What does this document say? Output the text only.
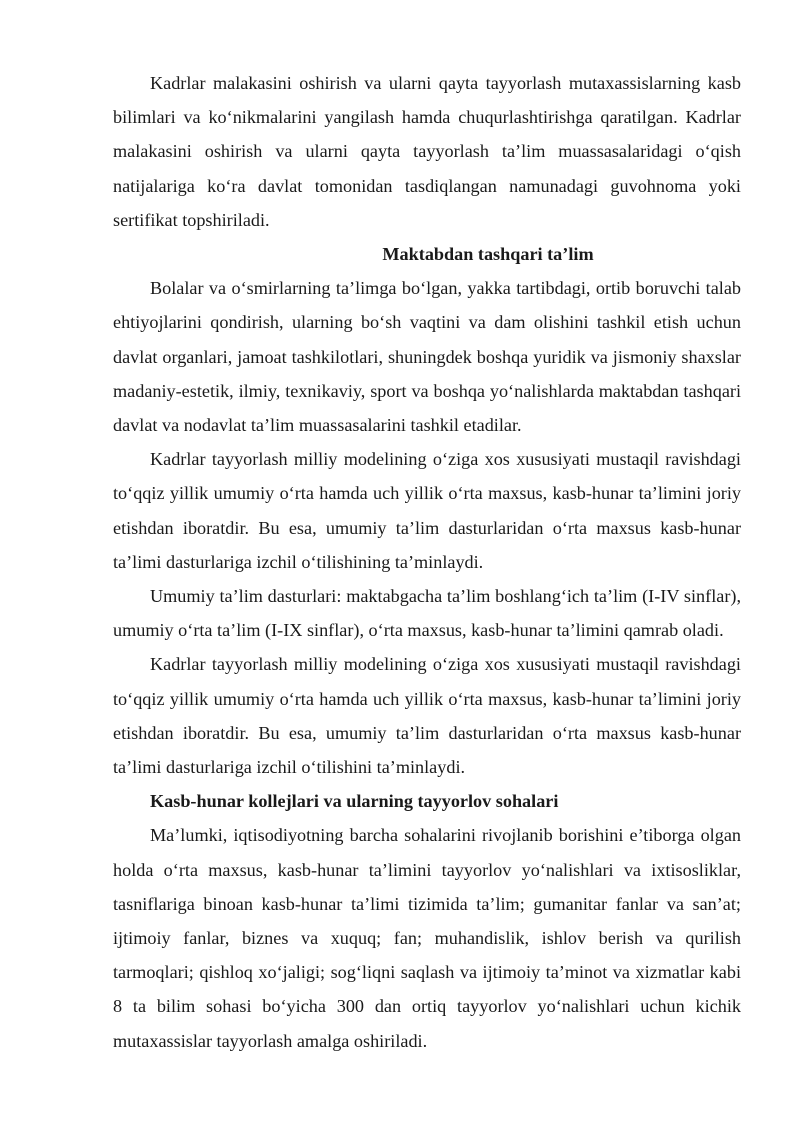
Kadrlar malakasini oshirish va ularni qayta tayyorlash mutaxassislarning kasb bilimlari va ko‘nikmalarini yangilash hamda chuqurlashtirishga qaratilgan. Kadrlar malakasini oshirish va ularni qayta tayyorlash ta’lim muassasalaridagi o‘qish natijalariga ko‘ra davlat tomonidan tasdiqlangan namunadagi guvohnoma yoki sertifikat topshiriladi.

Maktabdan tashqari ta’lim

Bolalar va o‘smirlarning ta’limga bo‘lgan, yakka tartibdagi, ortib boruvchi talab ehtiyojlarini qondirish, ularning bo‘sh vaqtini va dam olishini tashkil etish uchun davlat organlari, jamoat tashkilotlari, shuningdek boshqa yuridik va jismoniy shaxslar madaniy-estetik, ilmiy, texnikaviy, sport va boshqa yo‘nalishlarda maktabdan tashqari davlat va nodavlat ta’lim muassasalarini tashkil etadilar.

Kadrlar tayyorlash milliy modelining o‘ziga xos xususiyati mustaqil ravishdagi to‘qqiz yillik umumiy o‘rta hamda uch yillik o‘rta maxsus, kasb-hunar ta’limini joriy etishdan iboratdir. Bu esa, umumiy ta’lim dasturlaridan o‘rta maxsus kasb-hunar ta’limi dasturlariga izchil o‘tilishining ta’minlaydi.

Umumiy ta’lim dasturlari: maktabgacha ta’lim boshlang‘ich ta’lim (I-IV sinflar), umumiy o‘rta ta’lim (I-IX sinflar), o‘rta maxsus, kasb-hunar ta’limini qamrab oladi.

Kadrlar tayyorlash milliy modelining o‘ziga xos xususiyati mustaqil ravishdagi to‘qqiz yillik umumiy o‘rta hamda uch yillik o‘rta maxsus, kasb-hunar ta’limini joriy etishdan iboratdir. Bu esa, umumiy ta’lim dasturlaridan o‘rta maxsus kasb-hunar ta’limi dasturlariga izchil o‘tilishini ta’minlaydi.

Kasb-hunar kollejlari va ularning tayyorlov sohalari

Ma’lumki, iqtisodiyotning barcha sohalarini rivojlanib borishini e’tiborga olgan holda o‘rta maxsus, kasb-hunar ta’limini tayyorlov yo‘nalishlari va ixtisosliklar, tasniflariga binoan kasb-hunar ta’limi tizimida ta’lim; gumanitar fanlar va san’at; ijtimoiy fanlar, biznes va xuquq; fan; muhandislik, ishlov berish va qurilish tarmoqlari; qishloq xo‘jaligi; sog‘liqni saqlash va ijtimoiy ta’minot va xizmatlar kabi 8 ta bilim sohasi bo‘yicha 300 dan ortiq tayyorlov yo‘nalishlari uchun kichik mutaxassislar tayyorlash amalga oshiriladi.
